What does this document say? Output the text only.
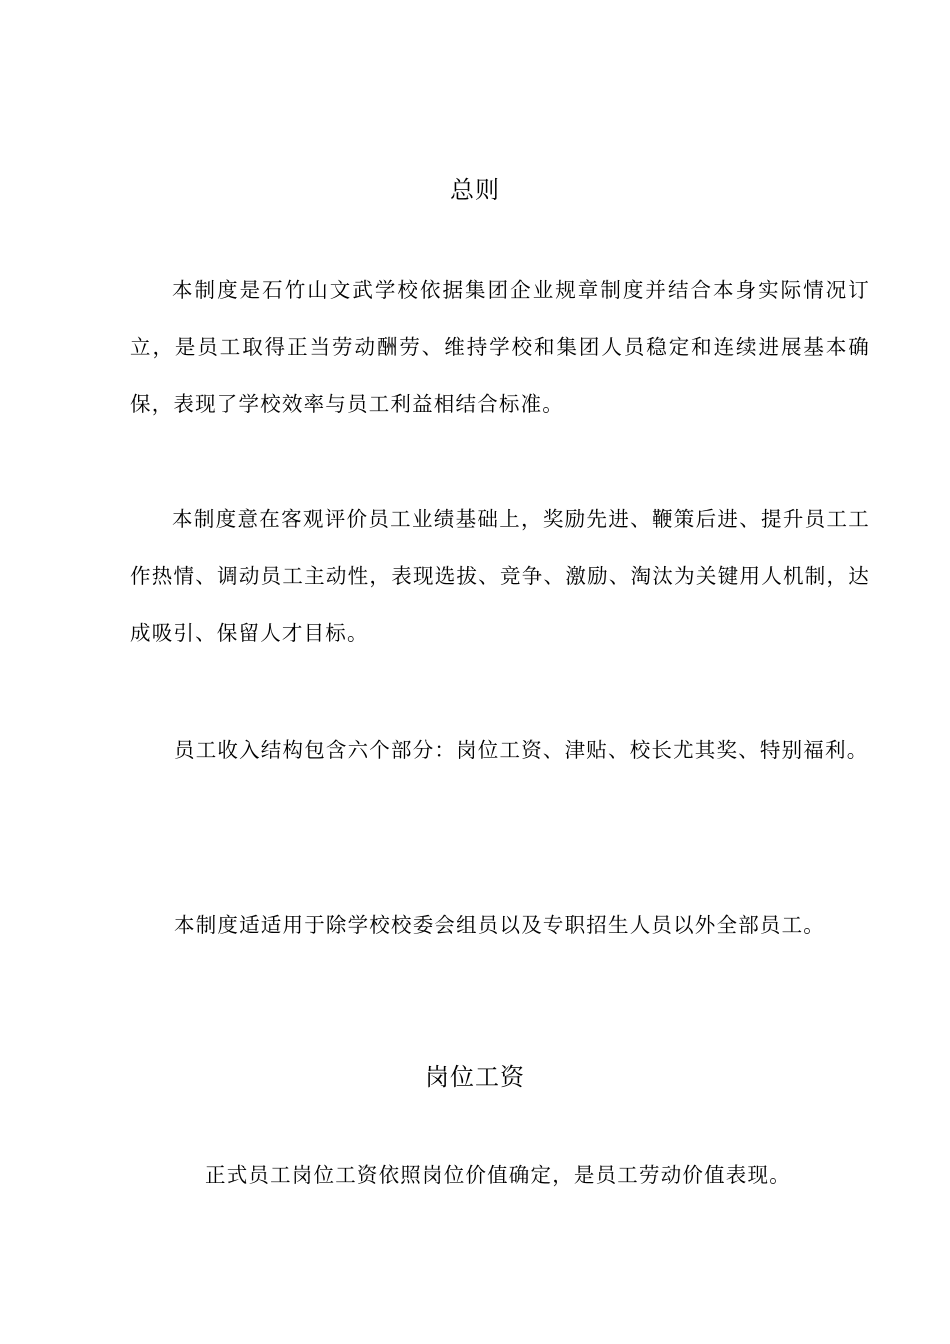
总则

本制度是石竹山文武学校依据集团企业规章制度并结合本身实际情况订立，是员工取得正当劳动酬劳、维持学校和集团人员稳定和连续进展基本确保，表现了学校效率与员工利益相结合标准。

本制度意在客观评价员工业绩基础上，奖励先进、鞭策后进、提升员工工作热情、调动员工主动性，表现选拔、竞争、激励、淘汰为关键用人机制，达成吸引、保留人才目标。

员工收入结构包含六个部分：岗位工资、津贴、校长尤其奖、特别福利。

本制度适适用于除学校校委会组员以及专职招生人员以外全部员工。

岗位工资

正式员工岗位工资依照岗位价值确定，是员工劳动价值表现。
